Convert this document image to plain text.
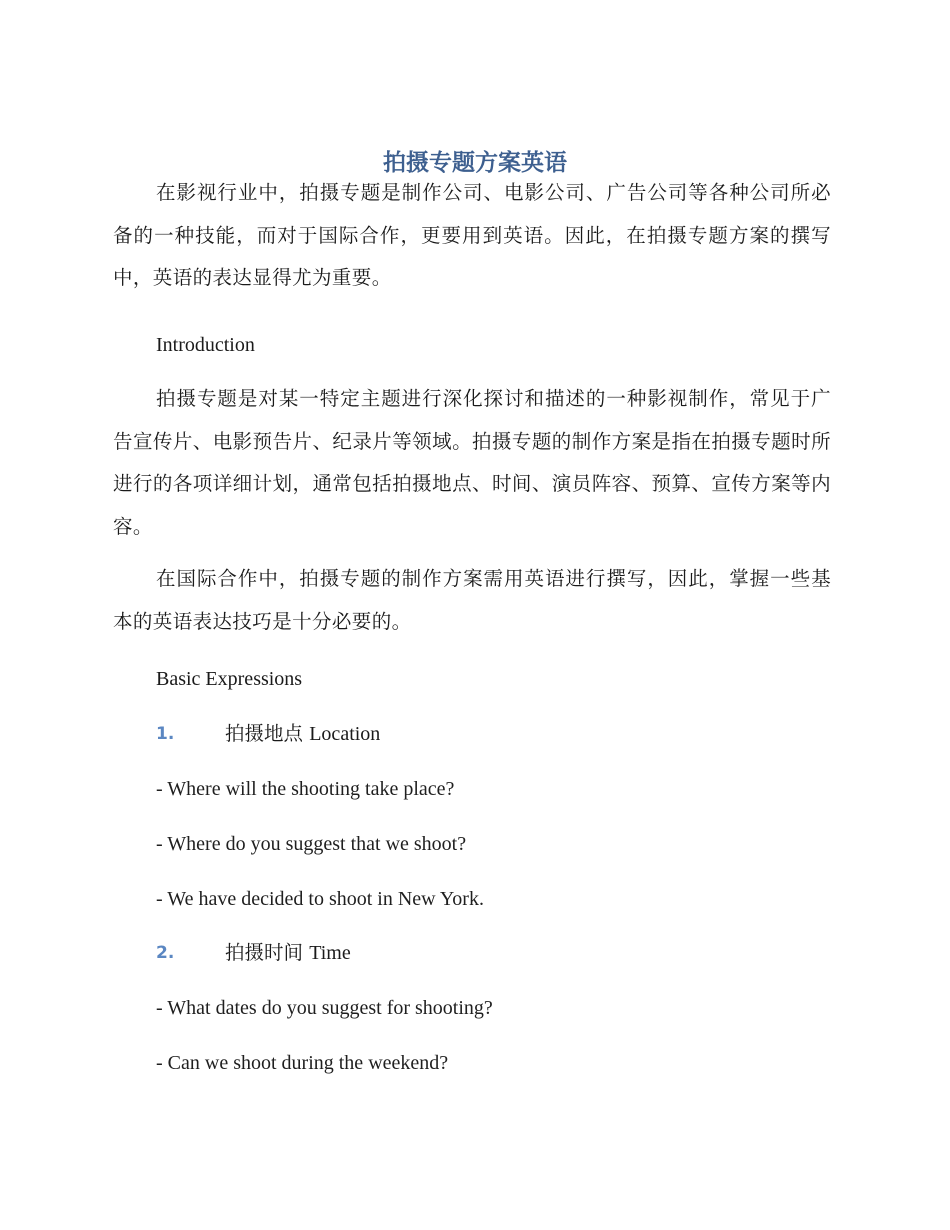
拍摄专题方案英语

在影视行业中，拍摄专题是制作公司、电影公司、广告公司等各种公司所必备的一种技能，而对于国际合作，更要用到英语。因此，在拍摄专题方案的撰写中，英语的表达显得尤为重要。

Introduction

拍摄专题是对某一特定主题进行深化探讨和描述的一种影视制作，常见于广告宣传片、电影预告片、纪录片等领域。拍摄专题的制作方案是指在拍摄专题时所进行的各项详细计划，通常包括拍摄地点、时间、演员阵容、预算、宣传方案等内容。

在国际合作中，拍摄专题的制作方案需用英语进行撰写，因此，掌握一些基本的英语表达技巧是十分必要的。

Basic Expressions
1.	拍摄地点 Location
- Where will the shooting take place?
- Where do you suggest that we shoot?
- We have decided to shoot in New York.
2.	拍摄时间 Time
- What dates do you suggest for shooting?
- Can we shoot during the weekend?
